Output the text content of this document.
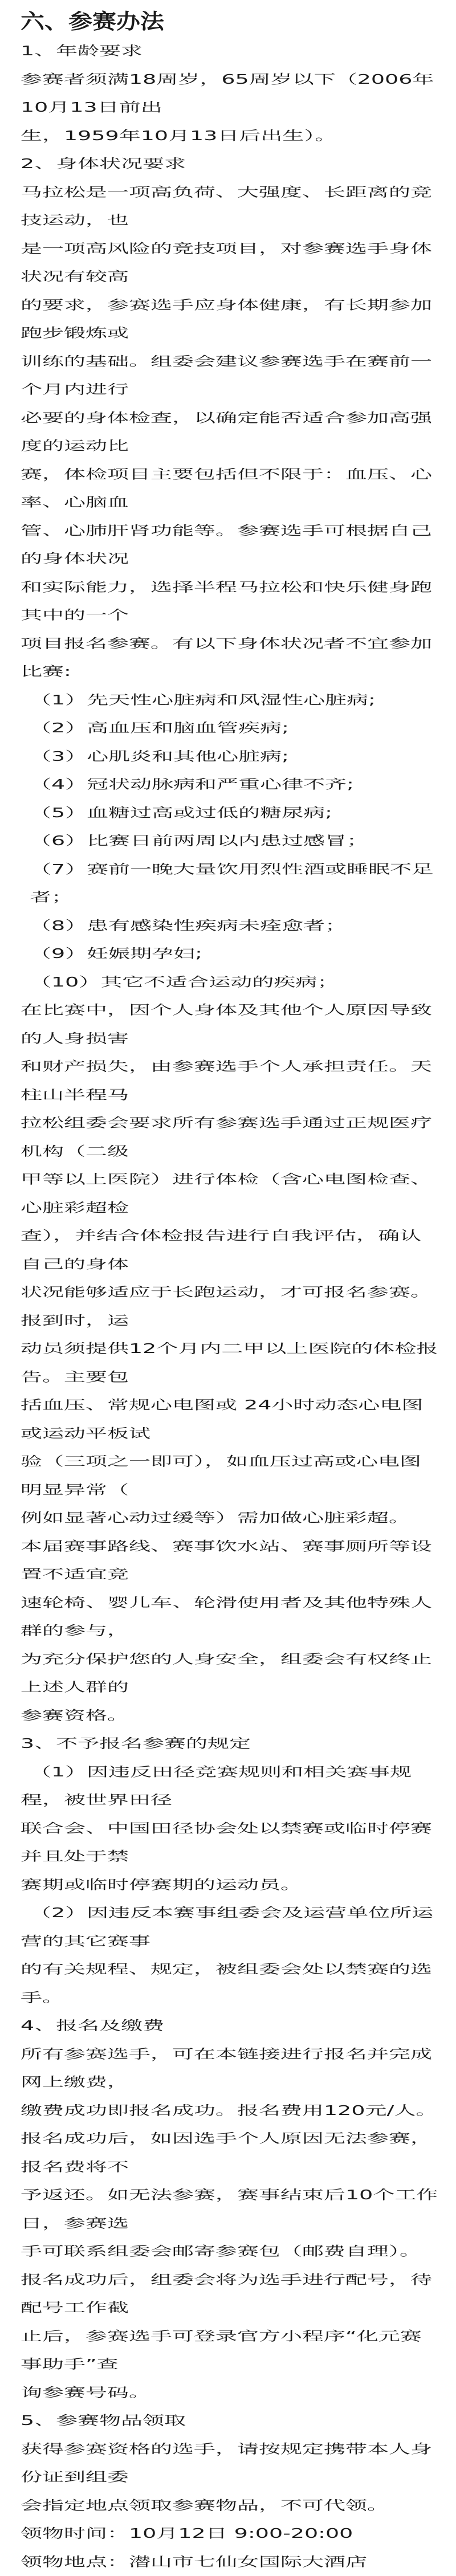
六、参赛办法
1、年龄要求
参赛者须满18周岁，65周岁以下（2006年10月13日前出
生，1959年10月13日后出生）。
2、身体状况要求
马拉松是一项高负荷、大强度、长距离的竞技运动，也
是一项高风险的竞技项目，对参赛选手身体状况有较高
的要求，参赛选手应身体健康，有长期参加跑步锻炼或
训练的基础。组委会建议参赛选手在赛前一个月内进行
必要的身体检查，以确定能否适合参加高强度的运动比
赛，体检项目主要包括但不限于：血压、心率、心脑血
管、心肺肝肾功能等。参赛选手可根据自己的身体状况
和实际能力，选择半程马拉松和快乐健身跑其中的一个
项目报名参赛。有以下身体状况者不宜参加比赛:
（1）先天性心脏病和风湿性心脏病;
（2）高血压和脑血管疾病;
（3）心肌炎和其他心脏病;
（4）冠状动脉病和严重心律不齐;
（5）血糖过高或过低的糖尿病;
（6）比赛日前两周以内患过感冒；
（7）赛前一晚大量饮用烈性酒或睡眠不足者；
（8）患有感染性疾病未痊愈者；
（9）妊娠期孕妇;
（10）其它不适合运动的疾病；
在比赛中，因个人身体及其他个人原因导致的人身损害
和财产损失，由参赛选手个人承担责任。天柱山半程马
拉松组委会要求所有参赛选手通过正规医疗机构（二级
甲等以上医院）进行体检（含心电图检查、心脏彩超检
查），并结合体检报告进行自我评估，确认自己的身体
状况能够适应于长跑运动，才可报名参赛。报到时，运
动员须提供12个月内二甲以上医院的体检报告。主要包
括血压、常规心电图或 24小时动态心电图或运动平板试
验（三项之一即可），如血压过高或心电图明显异常（
例如显著心动过缓等）需加做心脏彩超。
本届赛事路线、赛事饮水站、赛事厕所等设置不适宜竞
速轮椅、婴儿车、轮滑使用者及其他特殊人群的参与，
为充分保护您的人身安全，组委会有权终止上述人群的
参赛资格。
3、不予报名参赛的规定
（1）因违反田径竞赛规则和相关赛事规程，被世界田径
联合会、中国田径协会处以禁赛或临时停赛并且处于禁
赛期或临时停赛期的运动员。
（2）因违反本赛事组委会及运营单位所运营的其它赛事
的有关规程、规定，被组委会处以禁赛的选手。
4、报名及缴费
所有参赛选手，可在本链接进行报名并完成网上缴费，
缴费成功即报名成功。报名费用120元/人。
报名成功后，如因选手个人原因无法参赛，报名费将不
予返还。如无法参赛，赛事结束后10个工作日，参赛选
手可联系组委会邮寄参赛包（邮费自理）。
报名成功后，组委会将为选手进行配号，待配号工作截
止后，参赛选手可登录官方小程序“化元赛事助手”查
询参赛号码。
5、参赛物品领取
获得参赛资格的选手，请按规定携带本人身份证到组委
会指定地点领取参赛物品，不可代领。
领物时间：10月12日 9:00-20:00
领物地点：潜山市七仙女国际大酒店
